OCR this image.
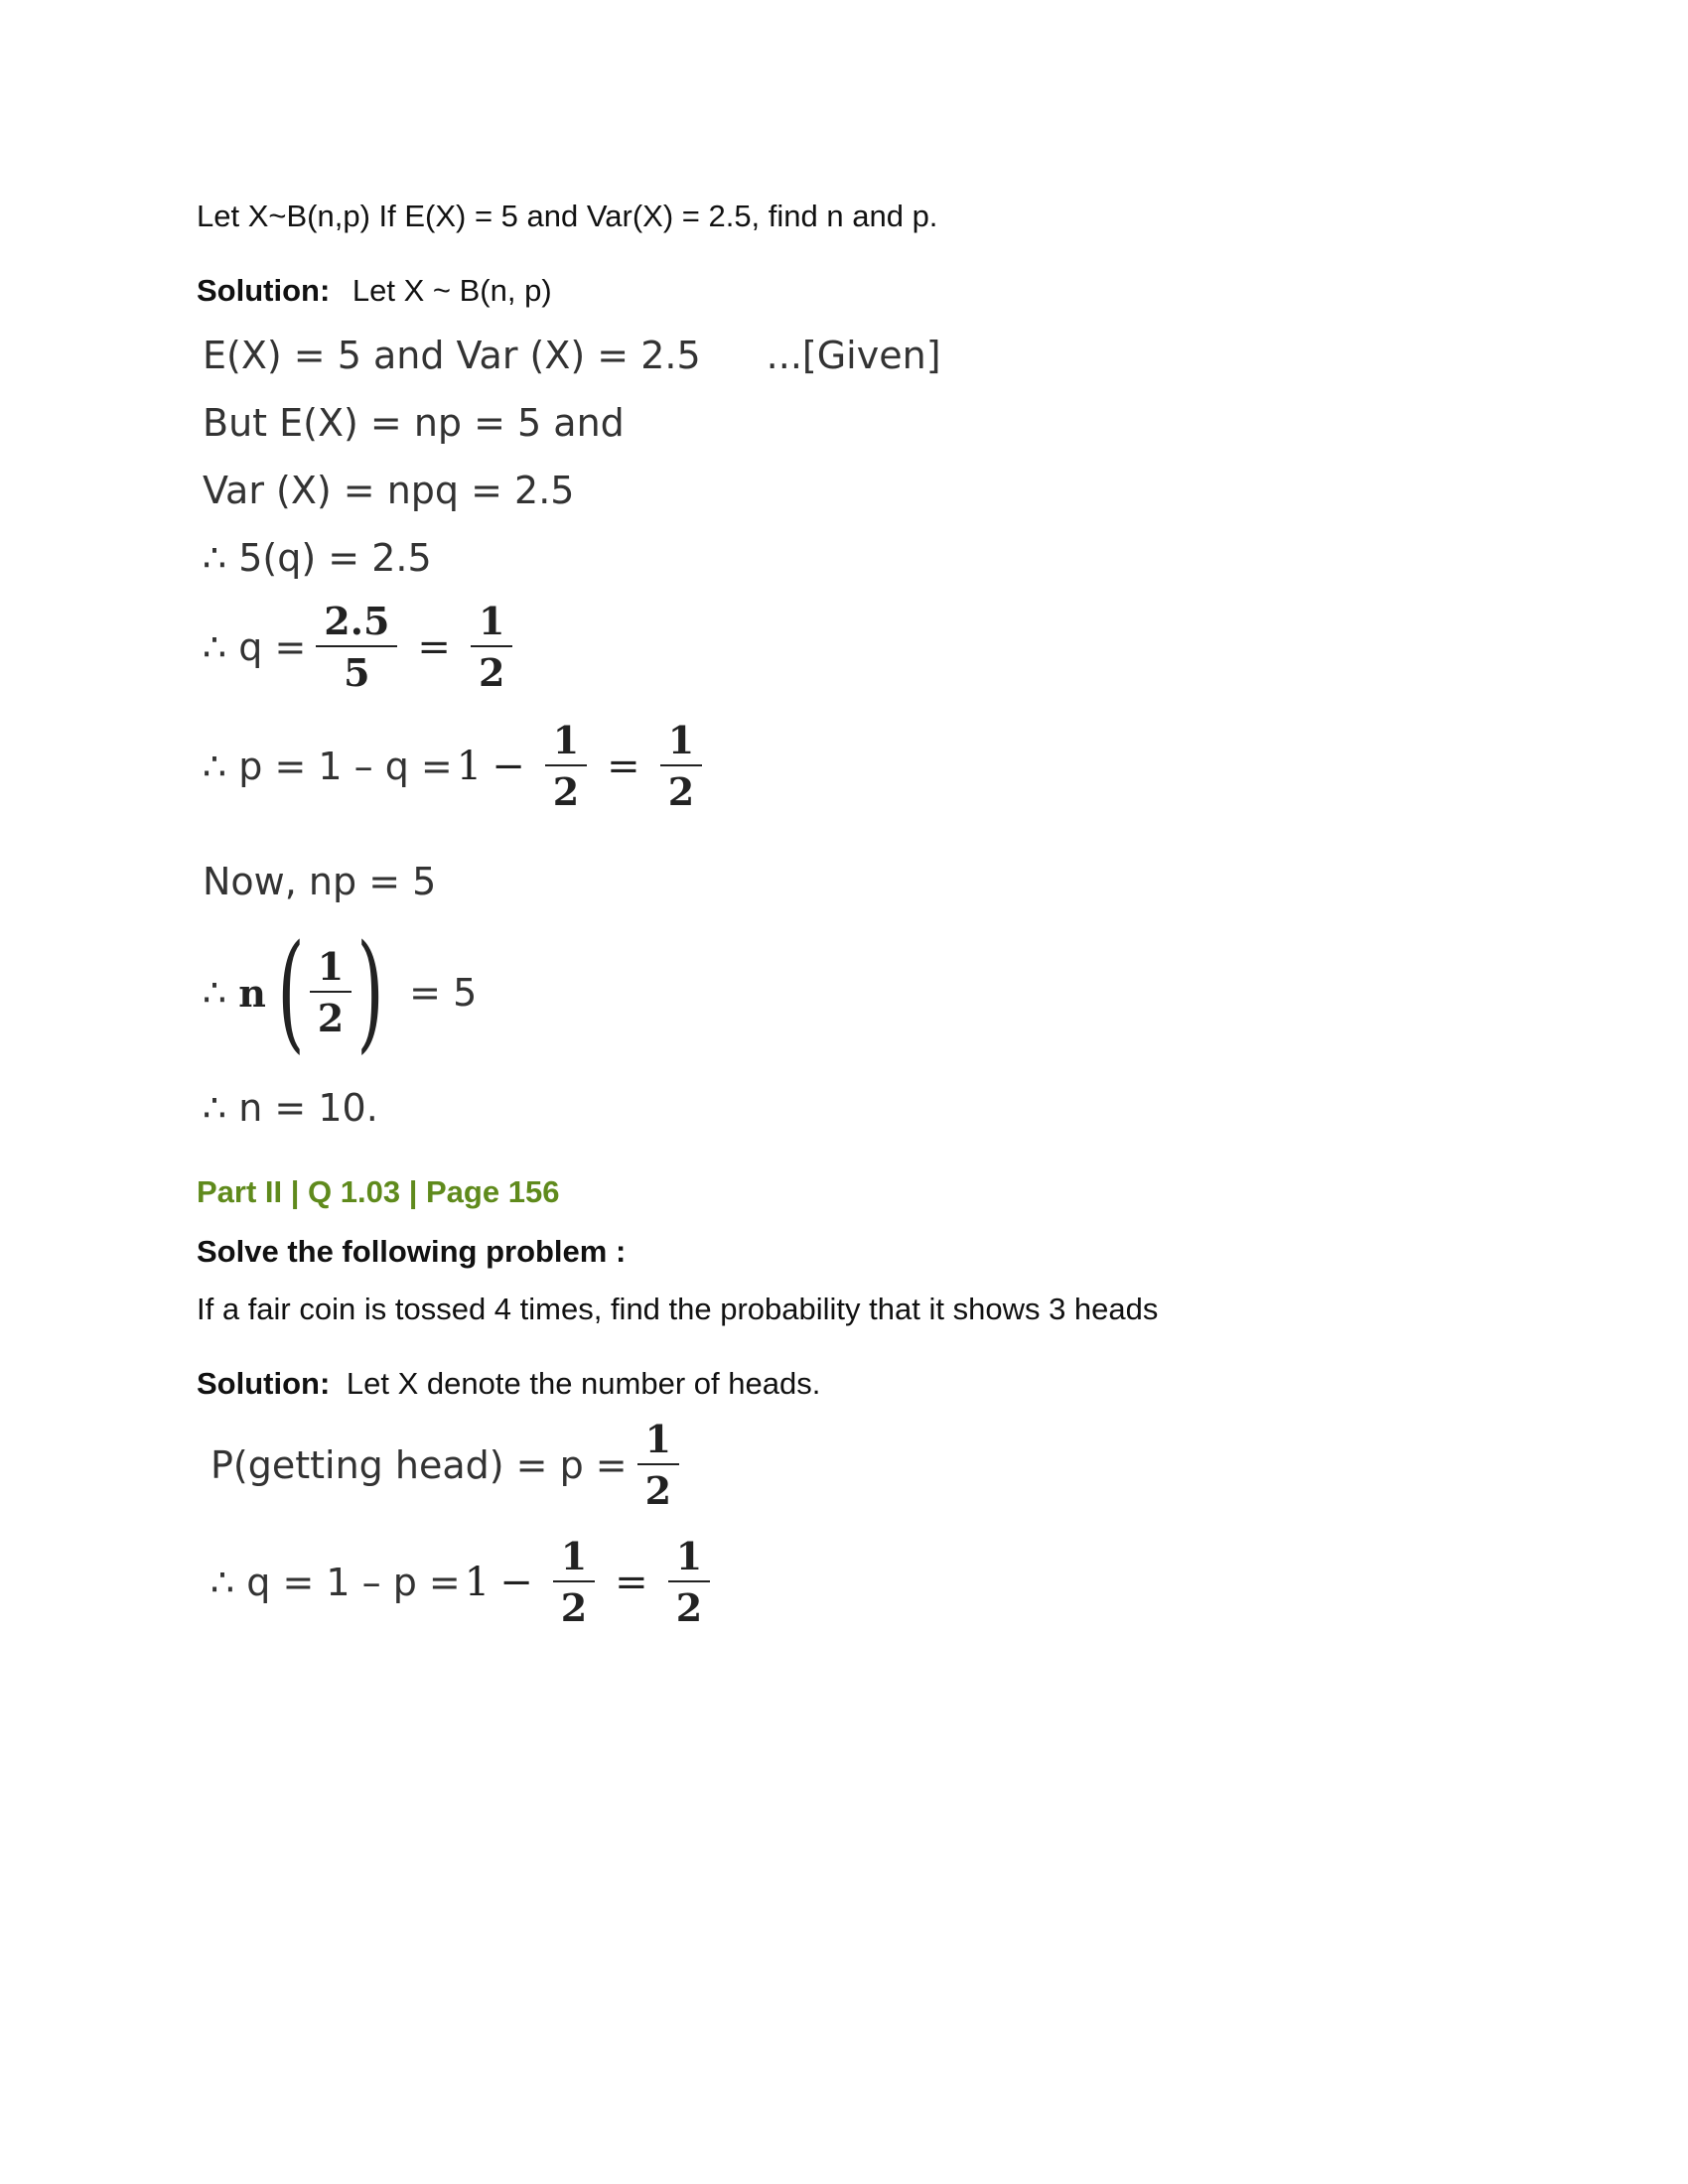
Let X~B(n,p) If E(X) = 5 and Var(X) = 2.5, find n and p.
Solution: Let X ~ B(n, p)
E(X) = 5 and Var (X) = 2.5 ...[Given]
But E(X) = np = 5 and
Var (X) = npq = 2.5
∴ 5(q) = 2.5
∴ $q = \frac{2.5}{5} = \frac{1}{2}$
∴ $p = 1 - q = 1 - \frac{1}{2} = \frac{1}{2}$
Now, np = 5
∴ n ( $\frac{1}{2}$ ) = 5
∴ n = 10.
Part II | Q 1.03 | Page 156
Solve the following problem :
If a fair coin is tossed 4 times, find the probability that it shows 3 heads
Solution: Let X denote the number of heads.
P(getting head) = $p = \frac{1}{2}$
∴ $q = 1 - p = 1 - \frac{1}{2} = \frac{1}{2}$
